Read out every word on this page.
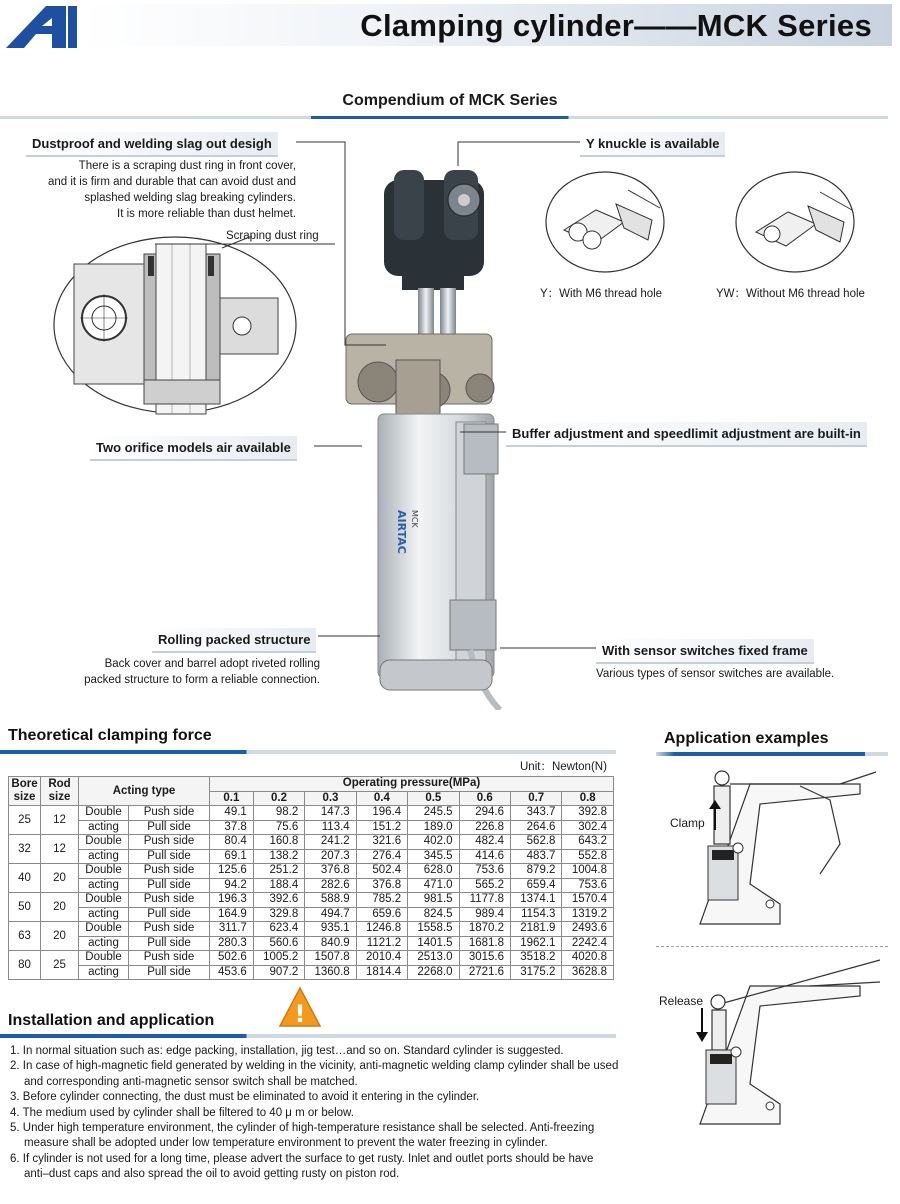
Clamping cylinder——MCK Series
Compendium of MCK Series
Dustproof and welding slag out desigh
There is a scraping dust ring in front cover,
and it is firm and durable that can avoid dust and
splashed welding slag breaking cylinders.
It is more reliable than dust helmet.
Scraping dust ring
Y knuckle is available
Y：With M6 thread hole	YW：Without M6 thread hole
AIRTAC MCK
Two orifice models air available
Buffer adjustment and speedlimit adjustment are built-in
Rolling packed structure
Back cover and barrel adopt riveted rolling
packed structure to form a reliable connection.
With sensor switches fixed frame
Various types of sensor switches are available.
Theoretical clamping force
Unit：Newton(N)
Bore size	Rod size	Acting type		Operating pressure(MPa)							
				0.1	0.2	0.3	0.4	0.5	0.6	0.7	0.8
25	12	Double	Push side	49.1	98.2	147.3	196.4	245.5	294.6	343.7	392.8
		acting	Pull side	37.8	75.6	113.4	151.2	189.0	226.8	264.6	302.4
32	12	Double	Push side	80.4	160.8	241.2	321.6	402.0	482.4	562.8	643.2
		acting	Pull side	69.1	138.2	207.3	276.4	345.5	414.6	483.7	552.8
40	20	Double	Push side	125.6	251.2	376.8	502.4	628.0	753.6	879.2	1004.8
		acting	Pull side	94.2	188.4	282.6	376.8	471.0	565.2	659.4	753.6
50	20	Double	Push side	196.3	392.6	588.9	785.2	981.5	1177.8	1374.1	1570.4
		acting	Pull side	164.9	329.8	494.7	659.6	824.5	989.4	1154.3	1319.2
63	20	Double	Push side	311.7	623.4	935.1	1246.8	1558.5	1870.2	2181.9	2493.6
		acting	Pull side	280.3	560.6	840.9	1121.2	1401.5	1681.8	1962.1	2242.4
80	25	Double	Push side	502.6	1005.2	1507.8	2010.4	2513.0	3015.6	3518.2	4020.8
		acting	Pull side	453.6	907.2	1360.8	1814.4	2268.0	2721.6	3175.2	3628.8
!
Installation and application
1. In normal situation such as: edge packing, installation, jig test…and so on. Standard cylinder is suggested.
2. In case of high-magnetic field generated by welding in the vicinity, anti-magnetic welding clamp cylinder shall be used and corresponding anti-magnetic sensor switch shall be matched.
3. Before cylinder connecting, the dust must be eliminated to avoid it entering in the cylinder.
4. The medium used by cylinder shall be filtered to 40 μ m or below.
5. Under high temperature environment, the cylinder of high-temperature resistance shall be selected. Anti-freezing measure shall be adopted under low temperature environment to prevent the water freezing in cylinder.
6. If cylinder is not used for a long time, please advert the surface to get rusty. Inlet and outlet ports should be have anti–dust caps and also spread the oil to avoid getting rusty on piston rod.
Application examples
Clamp
Release
